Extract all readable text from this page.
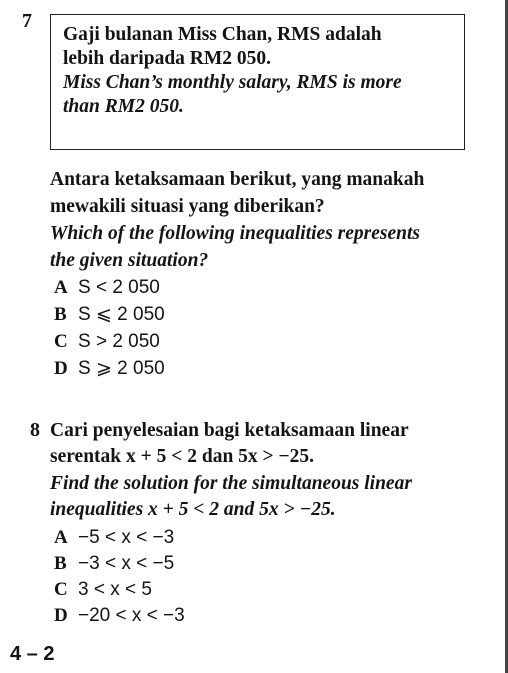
7
Gaji bulanan Miss Chan, RMS adalah
lebih daripada RM2 050.
Miss Chan’s monthly salary, RMS is more
than RM2 050.
Antara ketaksamaan berikut, yang manakah
mewakili situasi yang diberikan?
Which of the following inequalities represents
the given situation?
A S < 2 050
B S ⩽ 2 050
C S > 2 050
D S ⩾ 2 050
8 Cari penyelesaian bagi ketaksamaan linear
serentak x + 5 < 2 dan 5x > −25.
Find the solution for the simultaneous linear
inequalities x + 5 < 2 and 5x > −25.
A −5 < x < −3
B −3 < x < −5
C 3 < x < 5
D −20 < x < −3
4 – 2
